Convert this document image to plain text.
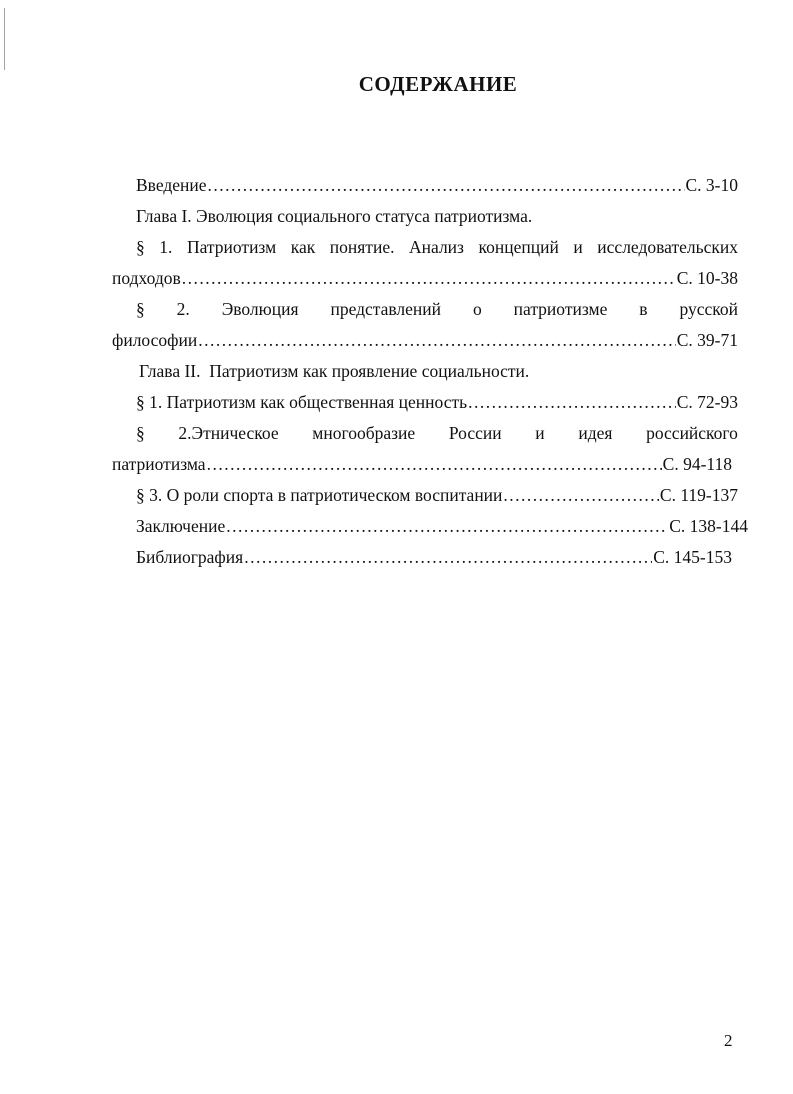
СОДЕРЖАНИЕ
Введение .....	С. 3-10
Глава I. Эволюция социального статуса патриотизма.
§ 1. Патриотизм как понятие. Анализ концепций и исследовательских
подходов .....	С. 10-38
§ 2. Эволюция представлений о патриотизме в русской
философии .....	С. 39-71
Глава II.  Патриотизм как проявление социальности.
§ 1. Патриотизм как общественная ценность .....	С. 72-93
§ 2.Этническое многообразие России и идея российского
патриотизма .....	С. 94-118
§ 3. О роли спорта в патриотическом воспитании .....	С. 119-137
Заключение .....	С. 138-144
Библиография .....	С. 145-153
2
